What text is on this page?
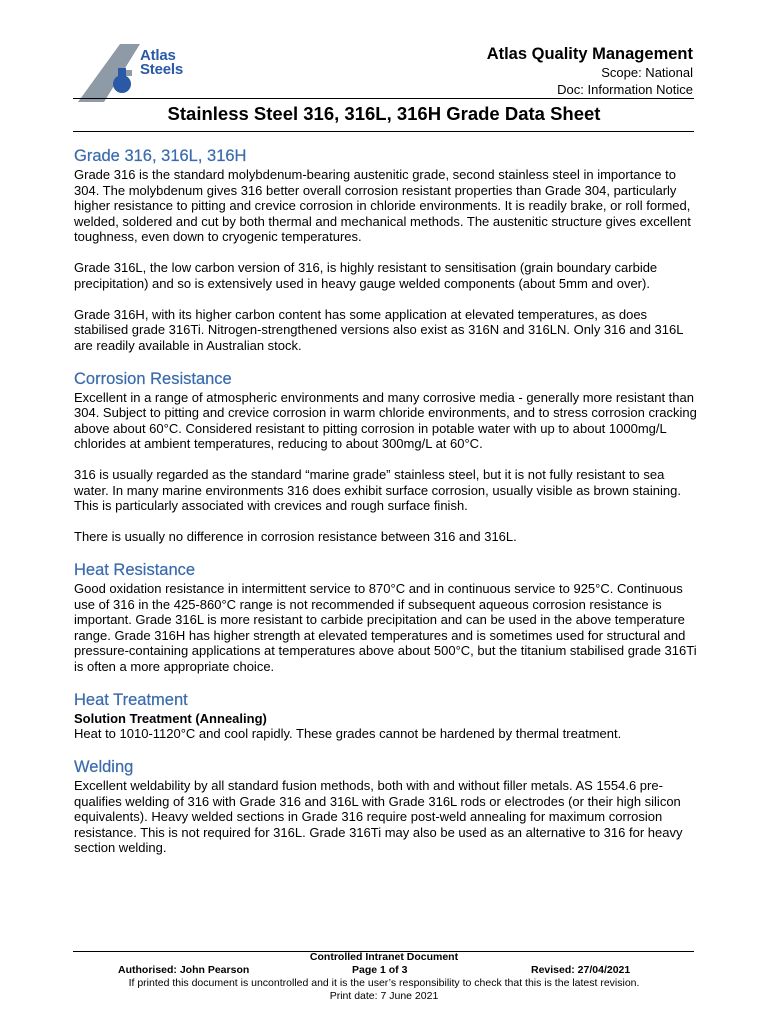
Atlas
Steels
Atlas Quality Management
Scope: National
Doc: Information Notice
Stainless Steel 316, 316L, 316H Grade Data Sheet
Grade 316, 316L, 316H

Grade 316 is the standard molybdenum-bearing austenitic grade, second stainless steel in importance to 304. The molybdenum gives 316 better overall corrosion resistant properties than Grade 304, particularly higher resistance to pitting and crevice corrosion in chloride environments. It is readily brake, or roll formed, welded, soldered and cut by both thermal and mechanical methods. The austenitic structure gives excellent toughness, even down to cryogenic temperatures.

Grade 316L, the low carbon version of 316, is highly resistant to sensitisation (grain boundary carbide precipitation) and so is extensively used in heavy gauge welded components (about 5mm and over).

Grade 316H, with its higher carbon content has some application at elevated temperatures, as does stabilised grade 316Ti. Nitrogen-strengthened versions also exist as 316N and 316LN. Only 316 and 316L are readily available in Australian stock.

Corrosion Resistance

Excellent in a range of atmospheric environments and many corrosive media - generally more resistant than 304. Subject to pitting and crevice corrosion in warm chloride environments, and to stress corrosion cracking above about 60°C. Considered resistant to pitting corrosion in potable water with up to about 1000mg/L chlorides at ambient temperatures, reducing to about 300mg/L at 60°C.

316 is usually regarded as the standard “marine grade” stainless steel, but it is not fully resistant to sea water. In many marine environments 316 does exhibit surface corrosion, usually visible as brown staining. This is particularly associated with crevices and rough surface finish.

There is usually no difference in corrosion resistance between 316 and 316L.

Heat Resistance

Good oxidation resistance in intermittent service to 870°C and in continuous service to 925°C. Continuous use of 316 in the 425-860°C range is not recommended if subsequent aqueous corrosion resistance is important. Grade 316L is more resistant to carbide precipitation and can be used in the above temperature range. Grade 316H has higher strength at elevated temperatures and is sometimes used for structural and pressure-containing applications at temperatures above about 500°C, but the titanium stabilised grade 316Ti is often a more appropriate choice.

Heat Treatment
Solution Treatment (Annealing)

Heat to 1010-1120°C and cool rapidly. These grades cannot be hardened by thermal treatment.

Welding

Excellent weldability by all standard fusion methods, both with and without filler metals. AS 1554.6 pre-qualifies welding of 316 with Grade 316 and 316L with Grade 316L rods or electrodes (or their high silicon equivalents). Heavy welded sections in Grade 316 require post-weld annealing for maximum corrosion resistance. This is not required for 316L. Grade 316Ti may also be used as an alternative to 316 for heavy section welding.

Controlled Intranet Document
Authorised: John Pearson	Page 1 of 3	Revised: 27/04/2021
If printed this document is uncontrolled and it is the user’s responsibility to check that this is the latest revision.
Print date: 7 June 2021
